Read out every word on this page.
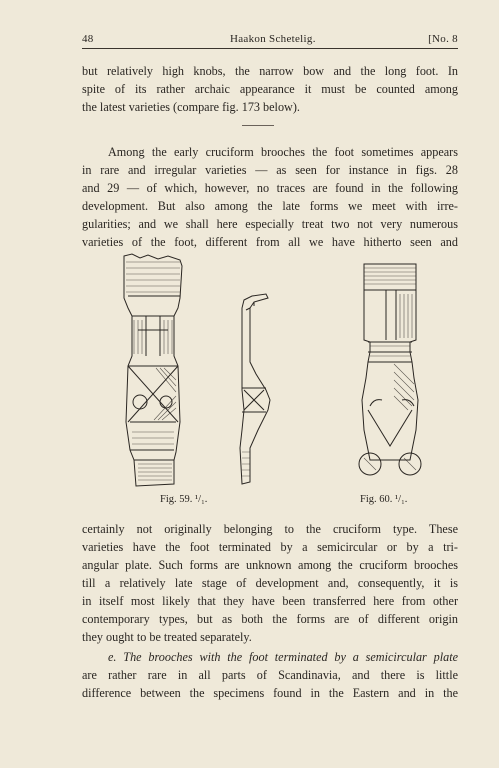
48	Haakon Schetelig.	[No. 8
but relatively high knobs, the narrow bow and the long foot. In
spite of its rather archaic appearance it must be counted among
the latest varieties (compare fig. 173 below).
Among the early cruciform brooches the foot sometimes appears
in rare and irregular varieties — as seen for instance in figs. 28
and 29 — of which, however, no traces are found in the following
development. But also among the late forms we meet with irre-
gularities; and we shall here especially treat two not very numerous
varieties of the foot, different from all we have hitherto seen and
Fig. 59. ¹/₁.	Fig. 60. ¹/₁.
certainly not originally belonging to the cruciform type. These
varieties have the foot terminated by a semicircular or by a tri-
angular plate. Such forms are unknown among the cruciform brooches
till a relatively late stage of development and, consequently, it is
in itself most likely that they have been transferred here from other
contemporary types, but as both the forms are of different origin
they ought to be treated separately.
e. The brooches with the foot terminated by a semicircular plate
are rather rare in all parts of Scandinavia, and there is little
difference between the specimens found in the Eastern and in the
